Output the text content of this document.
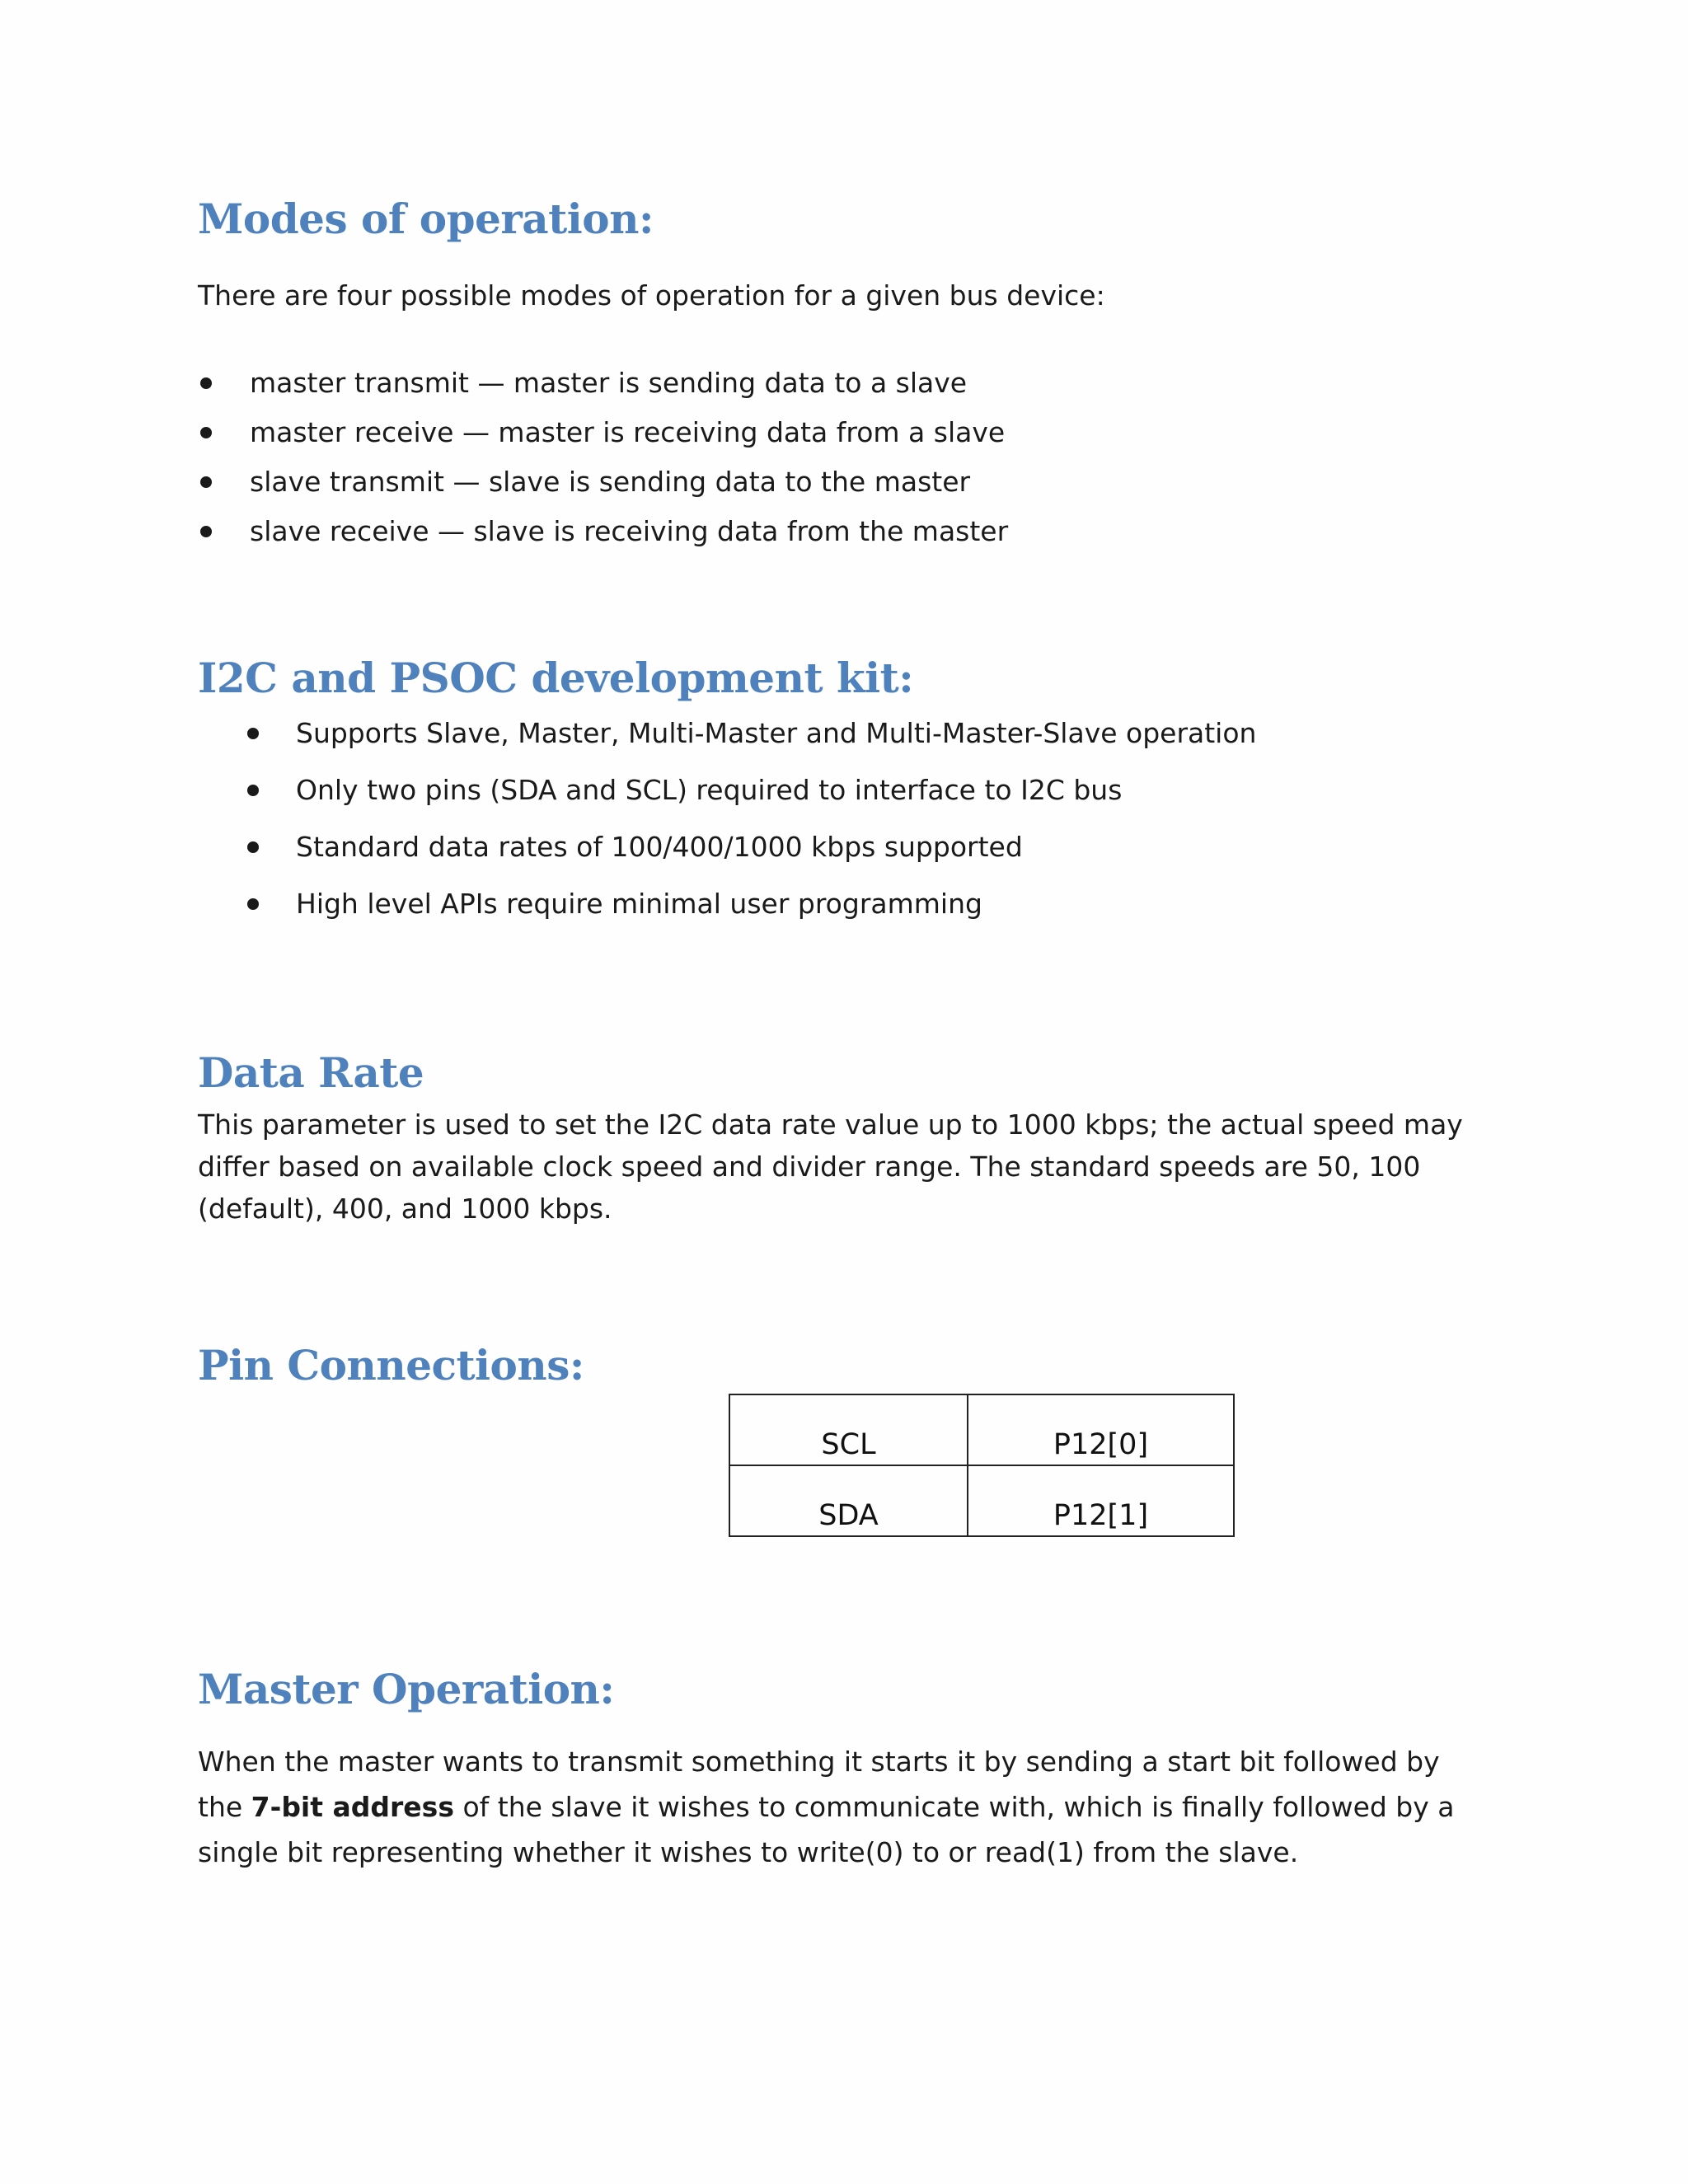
Modes of operation:

There are four possible modes of operation for a given bus device:

master transmit — master is sending data to a slave
master receive — master is receiving data from a slave
slave transmit — slave is sending data to the master
slave receive — slave is receiving data from the master
I2C and PSOC development kit:
Supports Slave, Master, Multi-Master and Multi-Master-Slave operation
Only two pins (SDA and SCL) required to interface to I2C bus
Standard data rates of 100/400/1000 kbps supported
High level APIs require minimal user programming
Data Rate

This parameter is used to set the I2C data rate value up to 1000 kbps; the actual speed may differ based on available clock speed and divider range. The standard speeds are 50, 100 (default), 400, and 1000 kbps.

Pin Connections:
SCL	P12[0]
SDA	P12[1]
Master Operation:

When the master wants to transmit something it starts it by sending a start bit followed by the 7-bit address of the slave it wishes to communicate with, which is finally followed by a single bit representing whether it wishes to write(0) to or read(1) from the slave.
